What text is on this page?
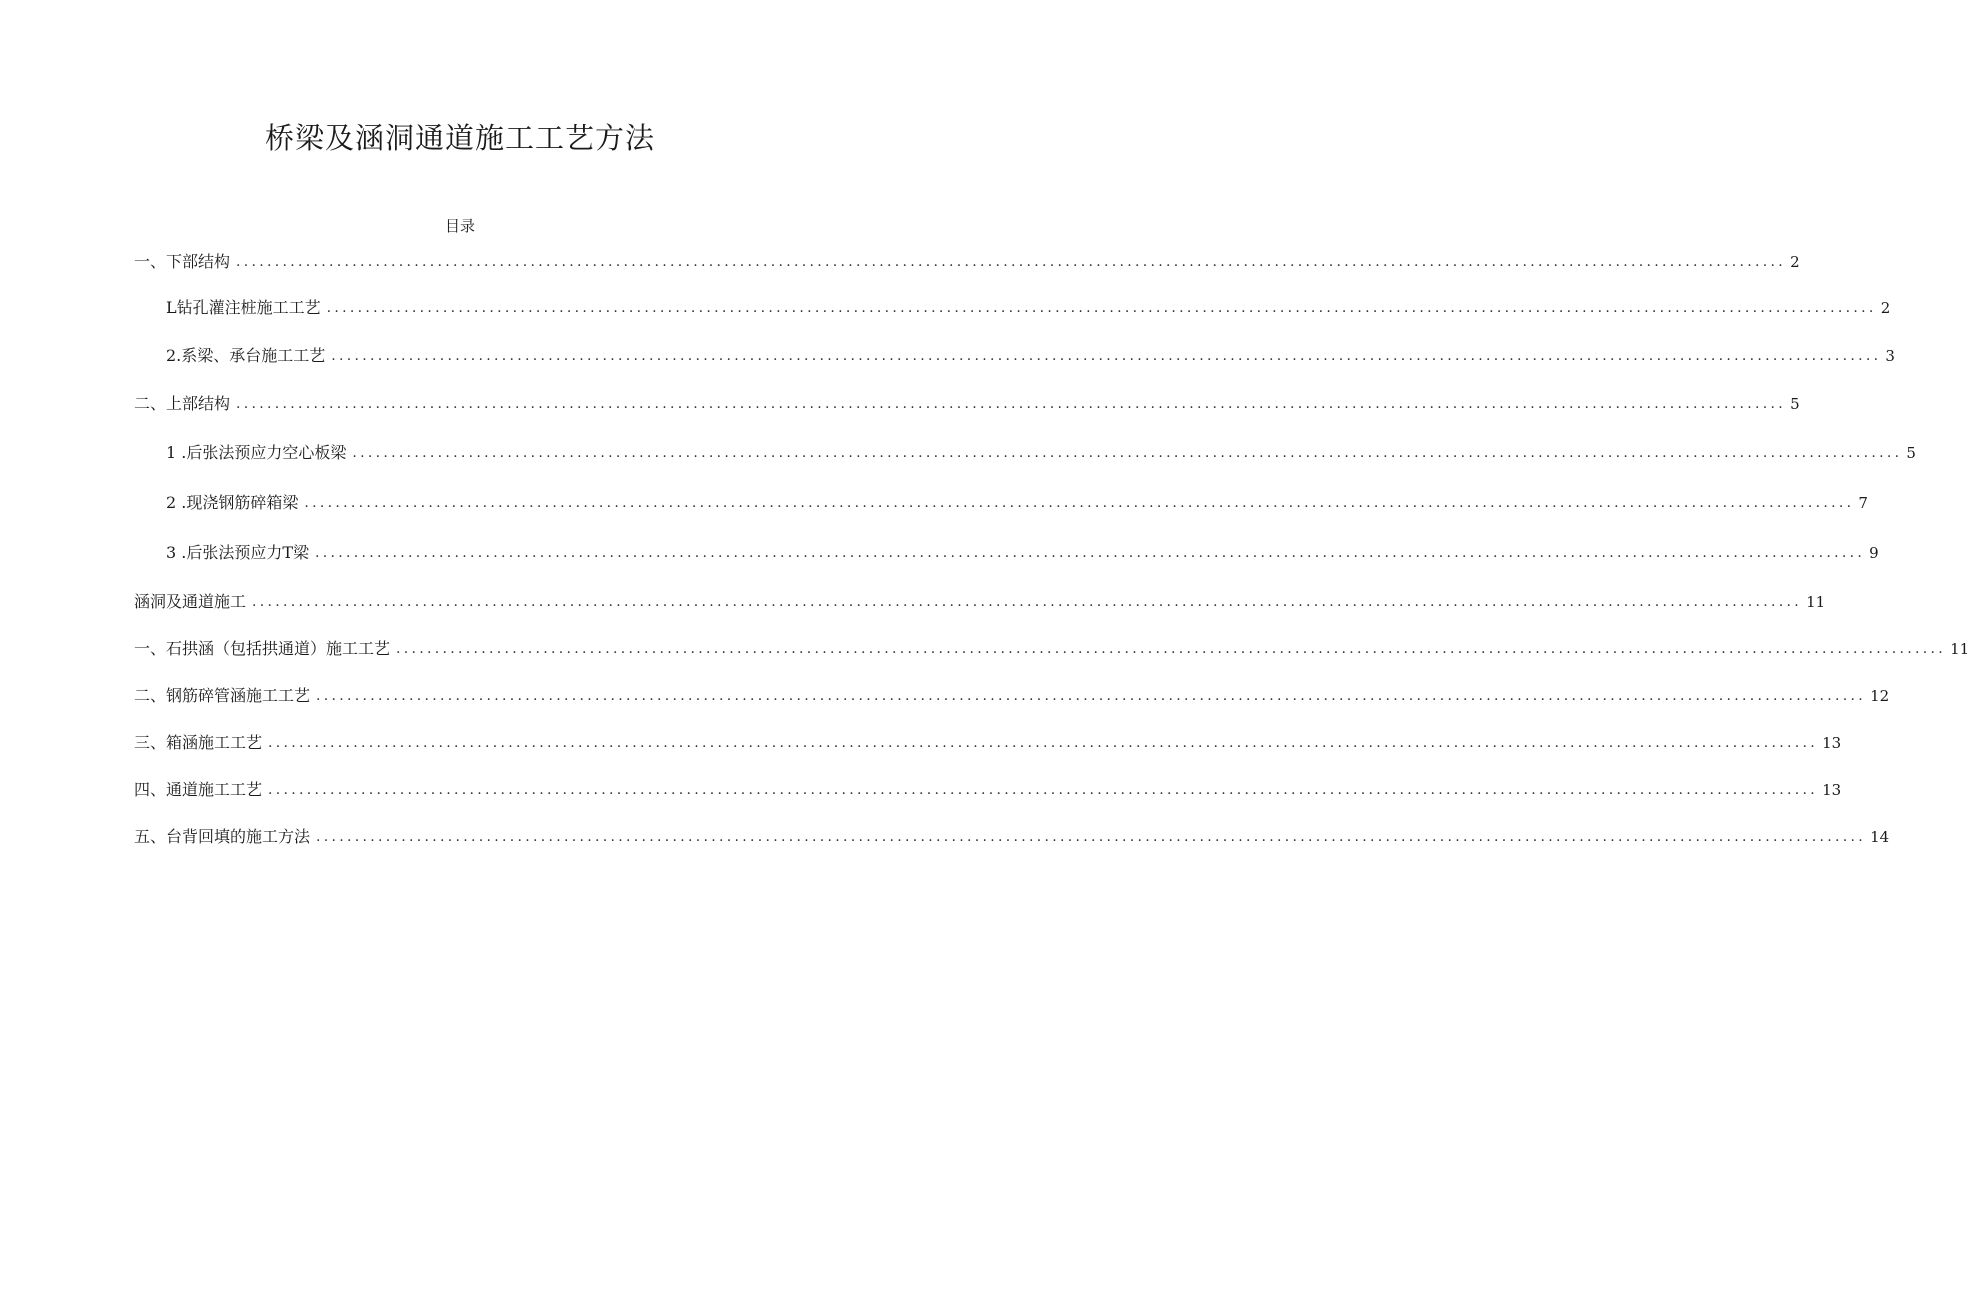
桥梁及涵洞通道施工工艺方法
目录
一、下部结构 ........................................................................................................................................................................................................ 2
L钻孔灌注桩施工工艺 ........................................................................................................................................................................................................ 2
2.系梁、承台施工工艺 ........................................................................................................................................................................................................ 3
二、上部结构 ........................................................................................................................................................................................................ 5
1 .后张法预应力空心板梁 ........................................................................................................................................................................................................ 5
2 .现浇钢筋碎箱梁 ........................................................................................................................................................................................................ 7
3 .后张法预应力T梁 ........................................................................................................................................................................................................ 9
涵洞及通道施工 ........................................................................................................................................................................................................ 11
一、石拱涵（包括拱通道）施工工艺 ........................................................................................................................................................................................................ 11
二、钢筋碎管涵施工工艺 ........................................................................................................................................................................................................ 12
三、箱涵施工工艺 ........................................................................................................................................................................................................ 13
四、通道施工工艺 ........................................................................................................................................................................................................ 13
五、台背回填的施工方法 ........................................................................................................................................................................................................ 14
